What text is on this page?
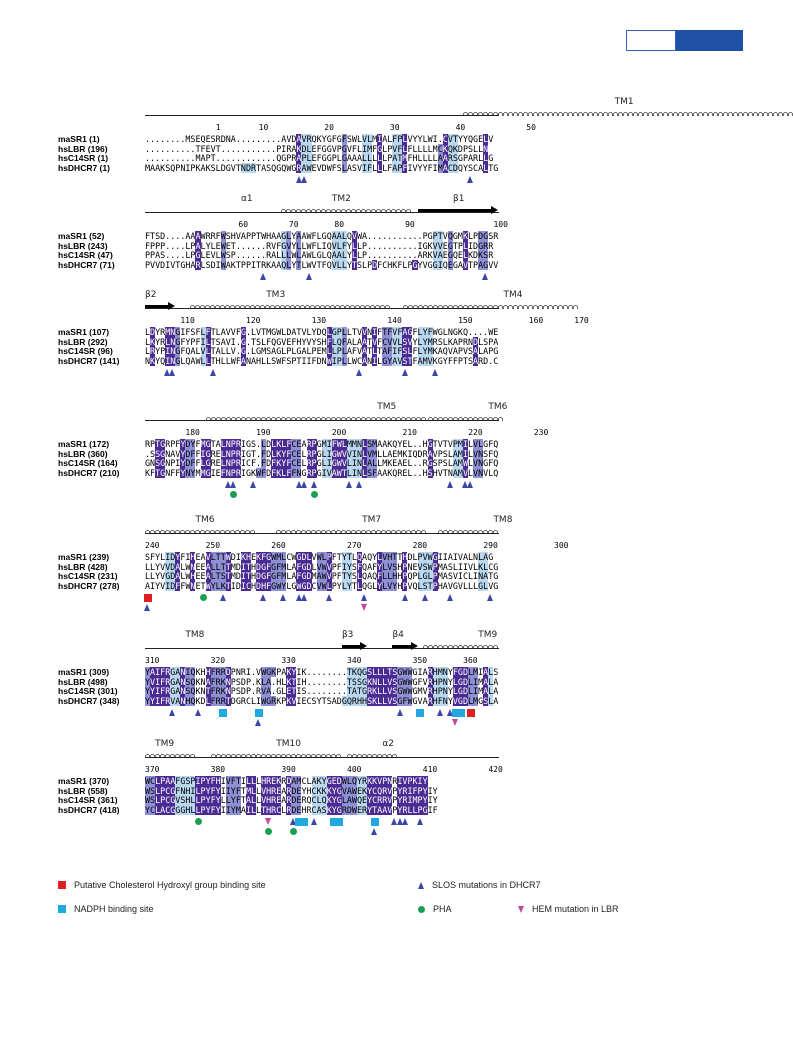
TM1
1	10	20	30	40	50
maSR1 (1)	........MSEQESRDNA.........AVDAVRQKYGFGFSWLVLMIALFPLVYYLWI.CVTYYQGELV
hsLBR (196)	..........TFEVT...........PIRAKDLEFGGVPGVFLIMFGLPVFLFLLLLMCKQKDPSLLN
hsC14SR (1)	..........MAPT............QGPRAPLEFGGPLGAAALLLLLPATMFHLLLLAARSGPARLLG
hsDHCR7 (1)	MAAKSQPNIPKAKSLDGVTNDRTASQGQWGRAWEVDWFSLASVIFLLLFAPFIVYYFIMACDQYSCALTG
α1	TM2	β1
60	70	80	90	100
maSR1 (52)	FTSD....AAAWRRFWSHVAPPTWHAAGLYAAWFLGQAALQVWA...........PGPTVQGMKLPDGSR
hsLBR (243)	FPPP....LPALYLEWET......RVFGVYLLWFLIQVLFYLLP..........IGKVVEGTPLIDGRR
hsC14SR (47)	PPAS....LPGLEVLWSP......RALLLWLAWLGLQAALYLLP..........ARKVAEGQELKDKSR
hsDHCR7 (71)	PVVDIVTGHARLSDIWAKTPPITRKAAQLYTLWVTFQVLLYTSLPDFCHKFLPGYVGGIQEGAVTPAGVV
β2	TM3	TM4
110	120	130	140	150	160	170
maSR1 (107)	LDYRMNGIFSFLFTLAVVFG.LVTMGWLDATVLYDQLGPLLTVVNIFTFVFAGFLYFWGLNGKQ....WE
hsLBR (292)	LKYRLNGFYPFILTSAVI.G.TSLFQGVEFHYVYSHFLQFALAATVFCVVLSVYLYMRSLKAPRNDLSPA
hsC14SR (96)	LRYPINGFQALVLTALLV.G.LGMSAGLPLGALPEMLLPLAFVATLTAFIFSLFLYMKAQVAPVSALAPG
hsDHCR7 (141)	NKYQINGLQAWLLTHLLWFANAHLLSWFSPTIIFDNWIPLLWCANILGYAVSTFAMVKGYFFPTSARD.C
TM5	TM6
180	190	200	210	220	230
maSR1 (172)	RPTGRPFYDYFMGTALNPRIGS.LDLKLFCEARPGMIFWLMMNLSMAAKQYEL..HGTVTVPMILVLGFQ
hsLBR (360)	.SSGNAVYDFFIGRELNPRIGT.FDLKYFCELRPGLIGWVVINLVMLLAEMKIQDRAVPSLAMILVNSFQ
hsC14SR (164)	GNSGNPIYDFFLGRELNPRICF.FDFKYFCELRPGLIGWVLINLALLMKEAEL..RGSPSLAMWLVNGFQ
hsDHCR7 (210)	KFTGNFFYNYMMGIEFNPRIGKWFDFKLFFNGRPGIVAWTLINLSFAAKQREL..HSHVTNAMVLVNVLQ
TM6	TM7	TM8
240	250	260	270	280	290	300
maSR1 (239)	SFYLIDYFIHEAVLTTWDIKHEKFGWMLCWGDLVWLPFTYTLQAQYLVHTTHDLPVWGIIAIVALNLAG
hsLBR (428)	LLYVVDALWNEEALLTTMDITHDGFGFMLAFGDLVWVPFIYSFQAFYLVSHPNEVSWPMASLIIVLKLCG
hsC14SR (231)	LLYVGDALWHEEALTSTMDITHDGFGFMLAFGDMAWVPFTYSLQAQFLLHHPQPLGLPMASVICLINATG
hsDHCR7 (278)	AIYVIDFFWNETWYLKTIDICHDHFGWYLGWGDCVWLPYLYTLQGLYLVYHPVQLSTPHAVGVLLLGLVG
TM8	β3	β4	TM9
310	320	330	340	350	360
maSR1 (309)	YAIFRGANIQKHHFRRDPNRI.VWGKPAKYIK........TKQGSLLLTSGWWGIARHMNYFGDLMIALS
hsLBR (498)	YVIFRGANSQKNAFRKNPSDP.KLA.HLKTIH........TSSGKNLLVSGWWGFVRHPNYLGDLIMALA
hsC14SR (301)	YYIFRGANSQKNTFRKNPSDP.RVA.GLETIS........TATGRKLLVSGWWGMVRHPNYLGDLIMALA
hsDHCR7 (348)	YYIFRVANHQKDLFRRTDGRCLIWGRKPKVIECSYTSADGQRHHSKLLVSGFWGVARHFNYVGDLMGSLA
TM9	TM10	α2
370	380	390	400	410	420
maSR1 (370)	WCLPAAFGSPIPYFHIVFTILLLHREKRDAMCLAKYGEDWLQYRKKVPNRIVPKIY
hsLBR (558)	WSLPCGFNHILPYFYIIYFTMLLVHREARDEYHCKKKYGVAWEKYCQRVPYRIFPYIY
hsC14SR (361)	WSLPCGVSHLLPYFYLLYFTALLVHREARDERQCLQKYGLAWQEYCRRVPYRIMPYIY
hsDHCR7 (418)	YCLACGGGHLLPYFYIIYMAILLTHRCLRDEHRCASKYGRDWERYTAAVPYRLLPGIF
Putative Cholesterol Hydroxyl group binding site
NADPH binding site
SLOS mutations in DHCR7
PHA	HEM mutation in LBR
